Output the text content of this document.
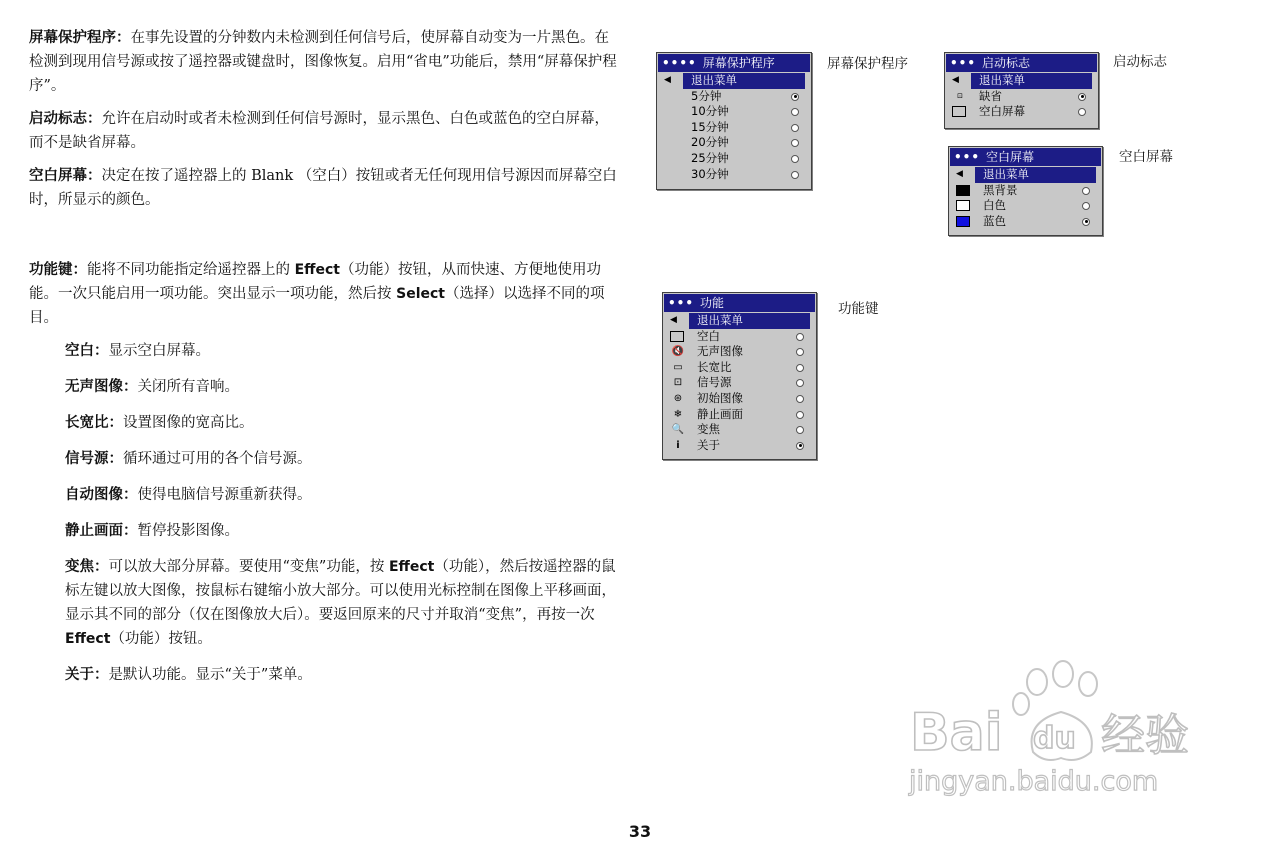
屏幕保护程序：在事先设置的分钟数内未检测到任何信号后，使屏幕自动变为一片黑色。在检测到现用信号源或按了遥控器或键盘时，图像恢复。启用“省电”功能后，禁用“屏幕保护程序”。

启动标志：允许在启动时或者未检测到任何信号源时，显示黑色、白色或蓝色的空白屏幕，而不是缺省屏幕。

空白屏幕：决定在按了遥控器上的 Blank （空白）按钮或者无任何现用信号源因而屏幕空白时，所显示的颜色。

功能键：能将不同功能指定给遥控器上的 Effect（功能）按钮，从而快速、方便地使用功能。一次只能启用一项功能。突出显示一项功能，然后按 Select（选择）以选择不同的项目。

空白：显示空白屏幕。

无声图像：关闭所有音响。

长宽比：设置图像的宽高比。

信号源：循环通过可用的各个信号源。

自动图像：使得电脑信号源重新获得。

静止画面：暂停投影图像。

变焦：可以放大部分屏幕。要使用“变焦”功能，按 Effect（功能），然后按遥控器的鼠标左键以放大图像，按鼠标右键缩小放大部分。可以使用光标控制在图像上平移画面，显示其不同的部分（仅在图像放大后）。要返回原来的尺寸并取消“变焦”，再按一次 Effect（功能）按钮。

关于：是默认功能。显示“关于”菜单。

•••• 屏幕保护程序
◀ 退出菜单
5分钟
10分钟
15分钟
20分钟
25分钟
30分钟
屏幕保护程序	••• 启动标志
◀ 退出菜单
⊡	缺省
空白屏幕
启动标志
••• 空白屏幕
◀ 退出菜单
黑背景
白色
蓝色
空白屏幕
••• 功能
◀ 退出菜单
空白
🔇 无声图像
▭ 长宽比
⊡ 信号源
⊛ 初始图像
❄ 静止画面
🔍 变焦
i	关于
功能键
33
Bai du 经验
jingyan.baidu.com
